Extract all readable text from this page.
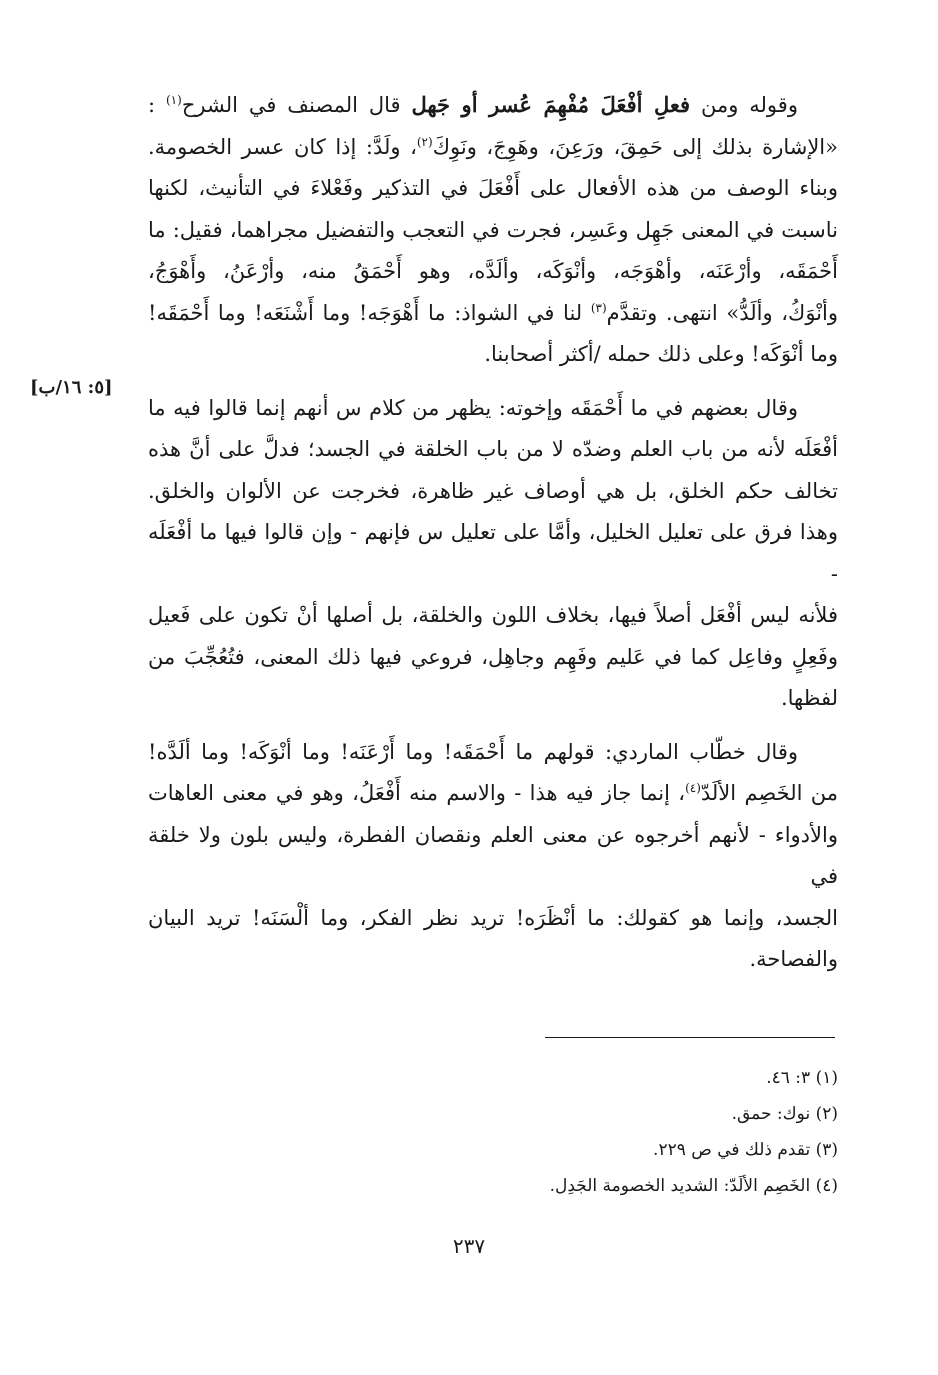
وقوله ومن فعلِ أفْعَلَ مُفْهِمَ عُسر أو جَهل قال المصنف في الشرح$^{(١)}$ :
«الإشارة بذلك إلى حَمِقَ، ورَعِنَ، وهَوِجَ، ونَوِكَ$^{(٢)}$، ولَدَّ: إذا كان عسر الخصومة.
وبناء الوصف من هذه الأفعال على أَفْعَلَ في التذكير وفَعْلاءَ في التأنيث، لكنها
ناسبت في المعنى جَهِل وعَسِر، فجرت في التعجب والتفضيل مجراهما، فقيل: ما
أَحْمَقَه، وأرْعَنَه، وأهْوَجَه، وأنْوَكَه، وألَدَّه، وهو أَحْمَقُ منه، وأرْعَنُ، وأَهْوَجُ،
وأنْوَكُ، وألَدُّ» انتهى. وتقدَّم$^{(٣)}$ لنا في الشواذ: ما أَهْوَجَه! وما أَشْنَعَه! وما أَحْمَقَه!
وما أنْوَكَه! وعلى ذلك حمله /أكثر أصحابنا.

وقال بعضهم في ما أَحْمَقَه وإخوته: يظهر من كلام س أنهم إنما قالوا فيه ما
أفْعَلَه لأنه من باب العلم وضدّه لا من باب الخلقة في الجسد؛ فدلَّ على أنَّ هذه
تخالف حكم الخلق، بل هي أوصاف غير ظاهرة، فخرجت عن الألوان والخلق.
وهذا فرق على تعليل الخليل، وأمَّا على تعليل س فإنهم - وإن قالوا فيها ما أفْعَلَه -
فلأنه ليس أفْعَل أصلاً فيها، بخلاف اللون والخلقة، بل أصلها أنْ تكون على فَعيل
وفَعِلٍ وفاعِل كما في عَليم وفَهِم وجاهِل، فروعي فيها ذلك المعنى، فتُعُجِّبَ من
لفظها.

وقال خطّاب الماردي: قولهم ما أَحْمَقَه! وما أَرْعَنَه! وما أنْوَكَه! وما ألَدَّه!
من الخَصِم الألَدّ$^{(٤)}$، إنما جاز فيه هذا - والاسم منه أَفْعَلُ، وهو في معنى العاهات
والأدواء - لأنهم أخرجوه عن معنى العلم ونقصان الفطرة، وليس بلون ولا خلقة في
الجسد، وإنما هو كقولك: ما أنْظَرَه! تريد نظر الفكر، وما ألْسَنَه! تريد البيان
والفصاحة.

[٥: ١٦/ب]
(١) ٣: ٤٦.
(٢) نوك: حمق.
(٣) تقدم ذلك في ص ٢٢٩.
(٤) الخَصِم الألَدّ: الشديد الخصومة الجَدِل.
٢٣٧
